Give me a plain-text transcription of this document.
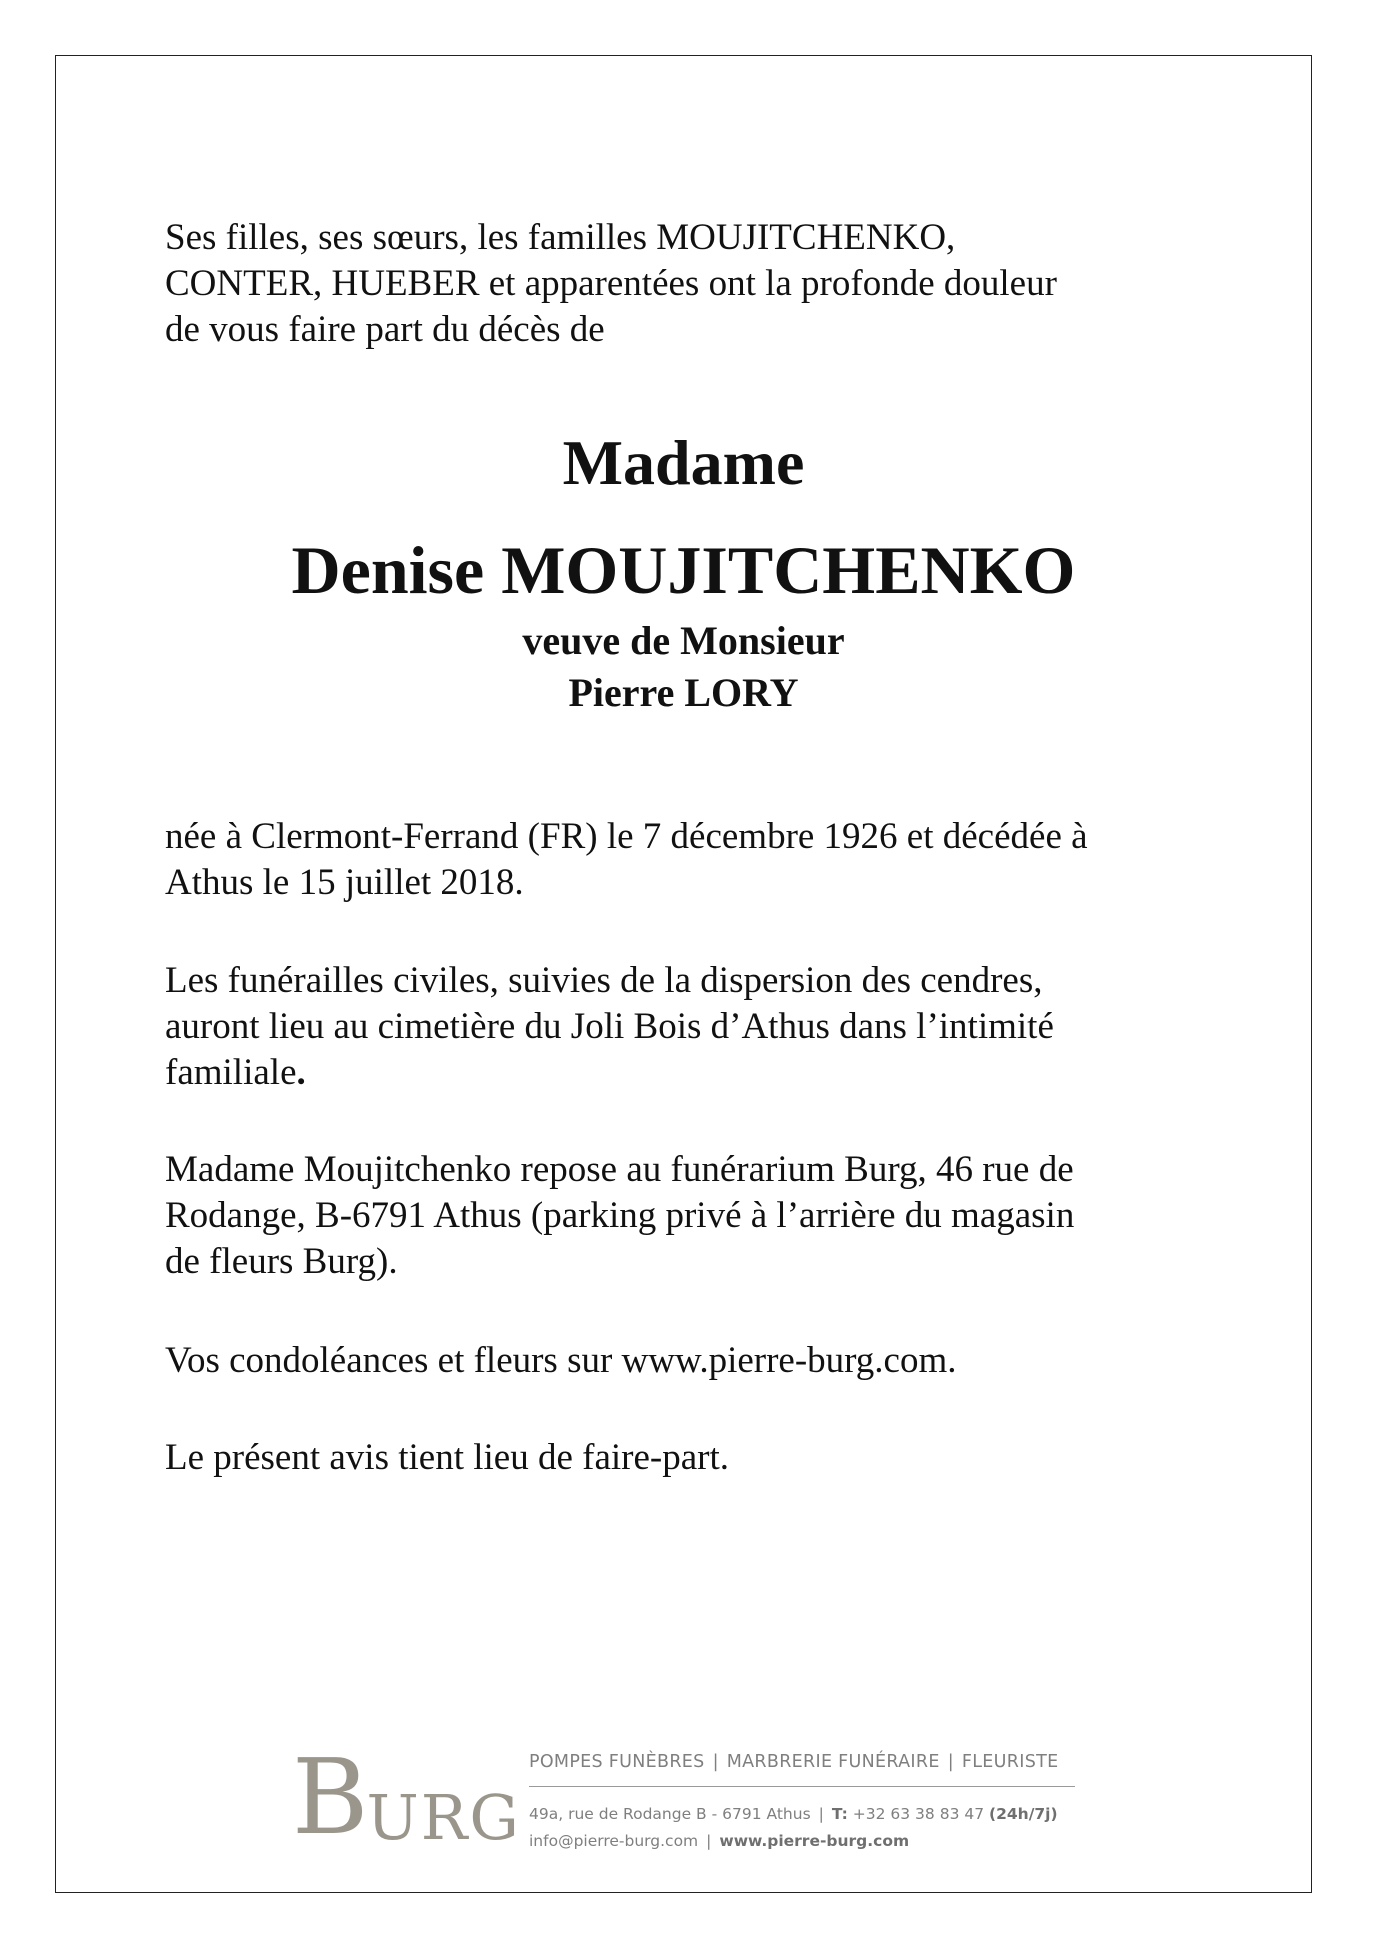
Ses filles, ses sœurs, les familles MOUJITCHENKO,
CONTER, HUEBER et apparentées ont la profonde douleur
de vous faire part du décès de

Madame

Denise MOUJITCHENKO

veuve de Monsieur

Pierre LORY

née à Clermont-Ferrand (FR) le 7 décembre 1926 et décédée à
Athus le 15 juillet 2018.

Les funérailles civiles, suivies de la dispersion des cendres,
auront lieu au cimetière du Joli Bois d’Athus dans l’intimité
familiale.

Madame Moujitchenko repose au funérarium Burg, 46 rue de
Rodange, B-6791 Athus (parking privé à l’arrière du magasin
de fleurs Burg).

Vos condoléances et fleurs sur www.pierre-burg.com.

Le présent avis tient lieu de faire-part.

BURG
POMPES FUNÈBRES | MARBRERIE FUNÉRAIRE | FLEURISTE
49a, rue de Rodange B - 6791 Athus | T: +32 63 38 83 47 (24h/7j)
info@pierre-burg.com | www.pierre-burg.com
